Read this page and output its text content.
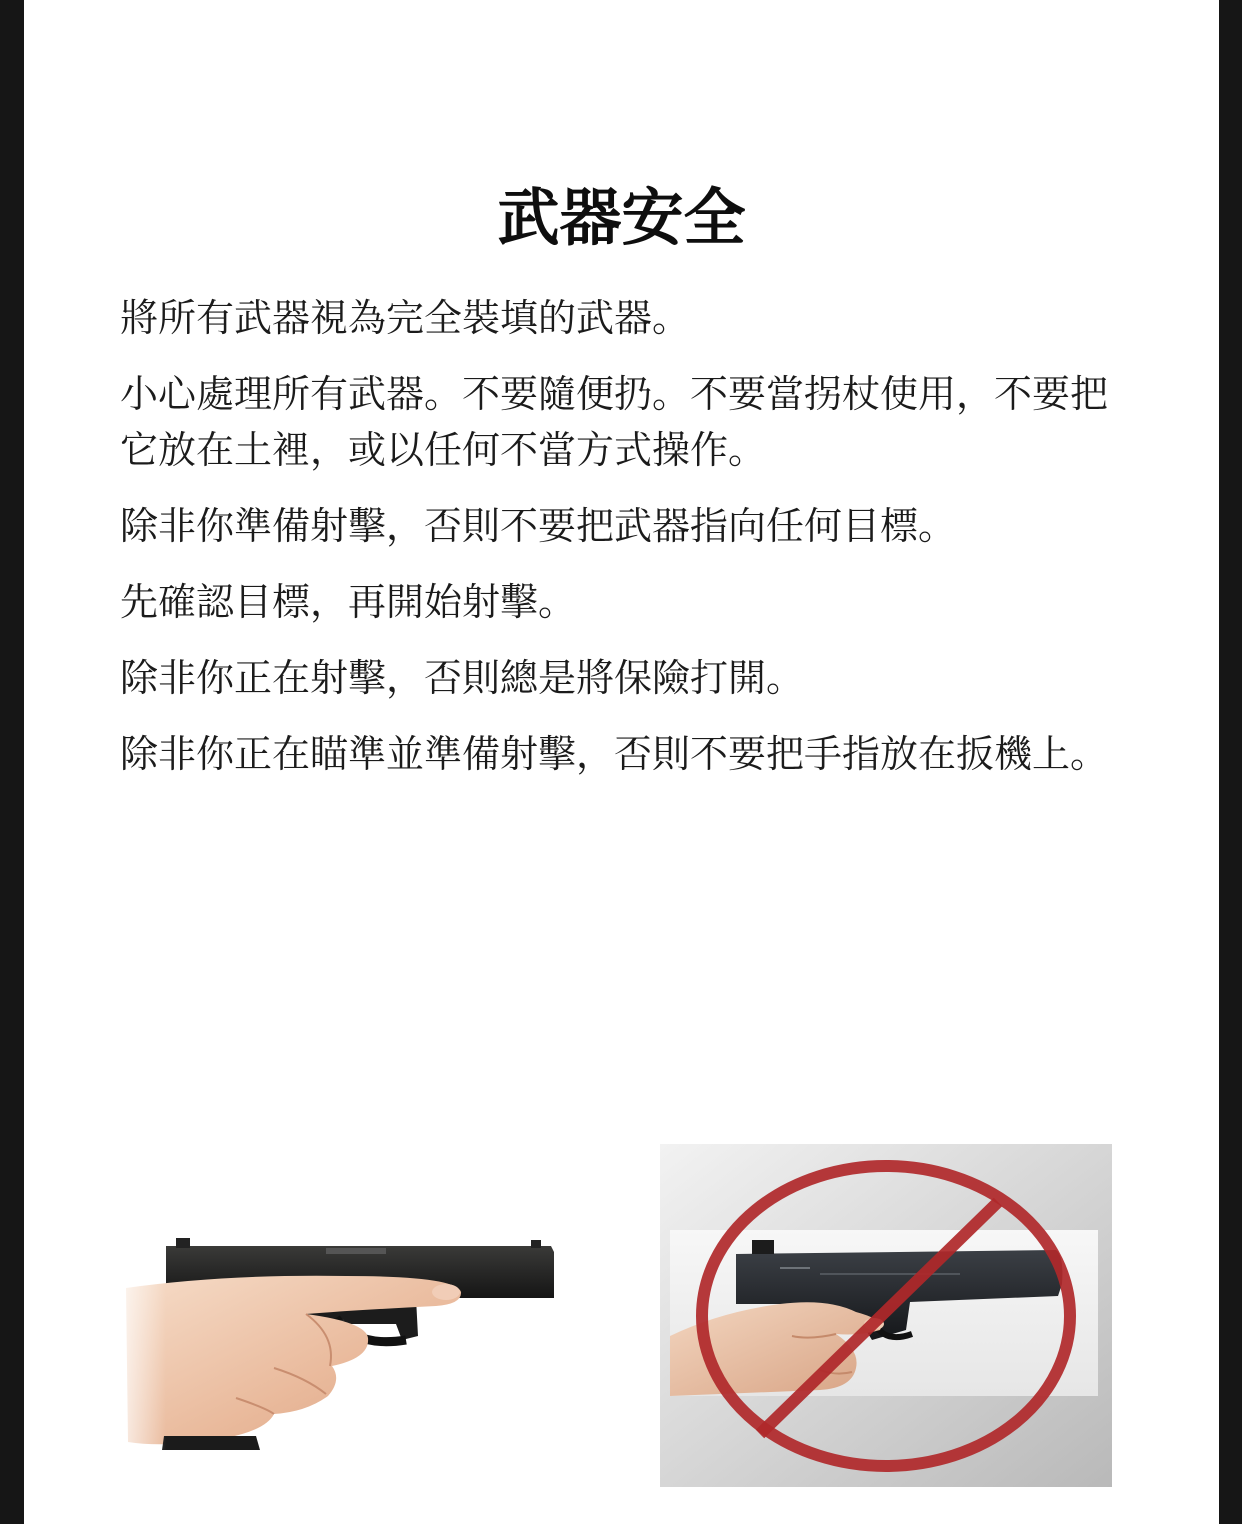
武器安全
將所有武器視為完全裝填的武器。
小心處理所有武器。不要隨便扔。不要當拐杖使用，不要把它放在土裡，或以任何不當方式操作。
除非你準備射擊，否則不要把武器指向任何目標。
先確認目標，再開始射擊。
除非你正在射擊，否則總是將保險打開。
除非你正在瞄準並準備射擊，否則不要把手指放在扳機上。
